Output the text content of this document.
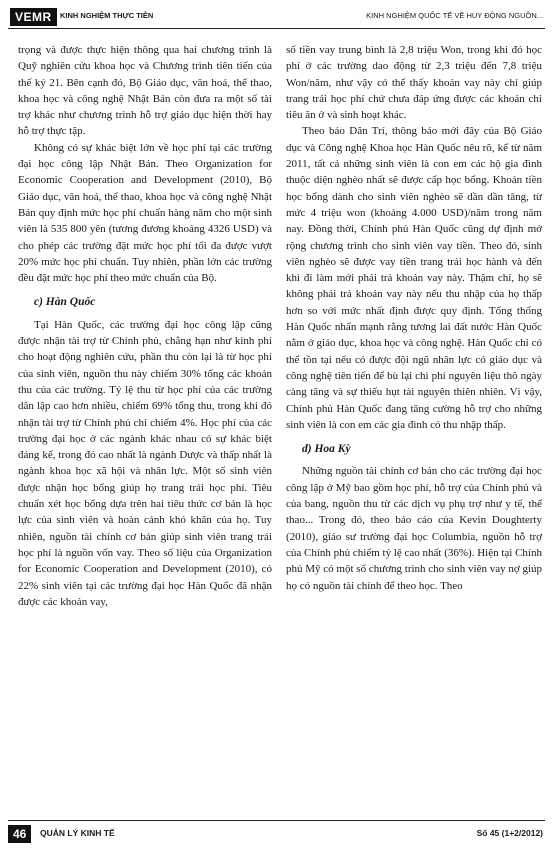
VEMR	KINH NGHIỆM THỰC TIỄN	KINH NGHIỆM QUỐC TẾ VỀ HUY ĐỘNG NGUỒN...

trọng và được thực hiện thông qua hai chương trình là Quỹ nghiên cứu khoa học và Chương trình tiên tiến của thế kỷ 21. Bên cạnh đó, Bộ Giáo dục, văn hoá, thể thao, khoa học và công nghệ Nhật Bản còn đưa ra một số tài trợ khác như chương trình hỗ trợ giáo dục hiện thời hay hỗ trợ thực tập.

Không có sự khác biệt lớn về học phí tại các trường đại học công lập Nhật Bản. Theo Organization for Economic Cooperation and Development (2010), Bộ Giáo dục, văn hoá, thể thao, khoa học và công nghệ Nhật Bản quy định mức học phí chuẩn hàng năm cho một sinh viên là 535 800 yên (tương đương khoảng 4326 USD) và cho phép các trường đặt mức học phí tối đa được vượt 20% mức học phí chuẩn. Tuy nhiên, phần lớn các trường đều đặt mức học phí theo mức chuẩn của Bộ.

c) Hàn Quốc

Tại Hàn Quốc, các trường đại học công lập cũng được nhận tài trợ từ Chính phủ, chẳng hạn như kinh phí cho hoạt động nghiên cứu, phần thu còn lại là từ học phí của sinh viên, nguồn thu này chiếm 30% tổng các khoản thu của các trường. Tỷ lệ thu từ học phí của các trường dân lập cao hơn nhiều, chiếm 69% tổng thu, trong khi đó nhận tài trợ từ Chính phủ chỉ chiếm 4%. Học phí của các trường đại học ở các ngành khác nhau có sự khác biệt đáng kể, trong đó cao nhất là ngành Dược và thấp nhất là ngành khoa học xã hội và nhân lực. Một số sinh viên được nhận học bổng giúp họ trang trải học phí. Tiêu chuẩn xét học bổng dựa trên hai tiêu thức cơ bản là học lực của sinh viên và hoàn cảnh khó khăn của họ. Tuy nhiên, nguồn tài chính cơ bản giúp sinh viên trang trải học phí là nguồn vốn vay. Theo số liệu của Organization for Economic Cooperation and Development (2010), có 22% sinh viên tại các trường đại học Hàn Quốc đã nhận được các khoản vay,

số tiền vay trung bình là 2,8 triệu Won, trong khi đó học phí ở các trường dao động từ 2,3 triệu đến 7,8 triệu Won/năm, như vậy có thể thấy khoản vay này chỉ giúp trang trải học phí chứ chưa đáp ứng được các khoản chi tiêu ăn ở và sinh hoạt khác.

Theo báo Dân Trí, thông báo mới đây của Bộ Giáo dục và Công nghệ Khoa học Hàn Quốc nêu rõ, kể từ năm 2011, tất cả những sinh viên là con em các hộ gia đình thuộc diện nghèo nhất sẽ được cấp học bổng. Khoản tiền học bổng dành cho sinh viên nghèo sẽ dần dần tăng, từ mức 4 triệu won (khoảng 4.000 USD)/năm trong năm nay. Đồng thời, Chính phủ Hàn Quốc cũng dự định mở rộng chương trình cho sinh viên vay tiền. Theo đó, sinh viên nghèo sẽ được vay tiền trang trải học hành và đến khi đi làm mới phải trả khoản vay này. Thậm chí, họ sẽ không phải trả khoản vay này nếu thu nhập của họ thấp hơn so với mức nhất định được quy định. Tổng thống Hàn Quốc nhấn mạnh rằng tương lai đất nước Hàn Quốc nằm ở giáo dục, khoa học và công nghệ. Hàn Quốc chỉ có thể tồn tại nếu có được đội ngũ nhân lực có giáo dục và công nghệ tiên tiến để bù lại chi phí nguyên liệu thô ngày càng tăng và sự thiếu hụt tài nguyên thiên nhiên. Vì vậy, Chính phủ Hàn Quốc đang tăng cường hỗ trợ cho những sinh viên là con em các gia đình có thu nhập thấp.

d) Hoa Kỳ

Những nguồn tài chính cơ bản cho các trường đại học công lập ở Mỹ bao gồm học phí, hỗ trợ của Chính phủ và của bang, nguồn thu từ các dịch vụ phụ trợ như y tế, thể thao... Trong đó, theo báo cáo của Kevin Doughterty (2010), giáo sư trường đại học Columbia, nguồn hỗ trợ của Chính phủ chiếm tỷ lệ cao nhất (36%). Hiện tại Chính phủ Mỹ có một số chương trình cho sinh viên vay nợ giúp họ có nguồn tài chính để theo học. Theo

46	QUẢN LÝ KINH TẾ	Số 45 (1+2/2012)
